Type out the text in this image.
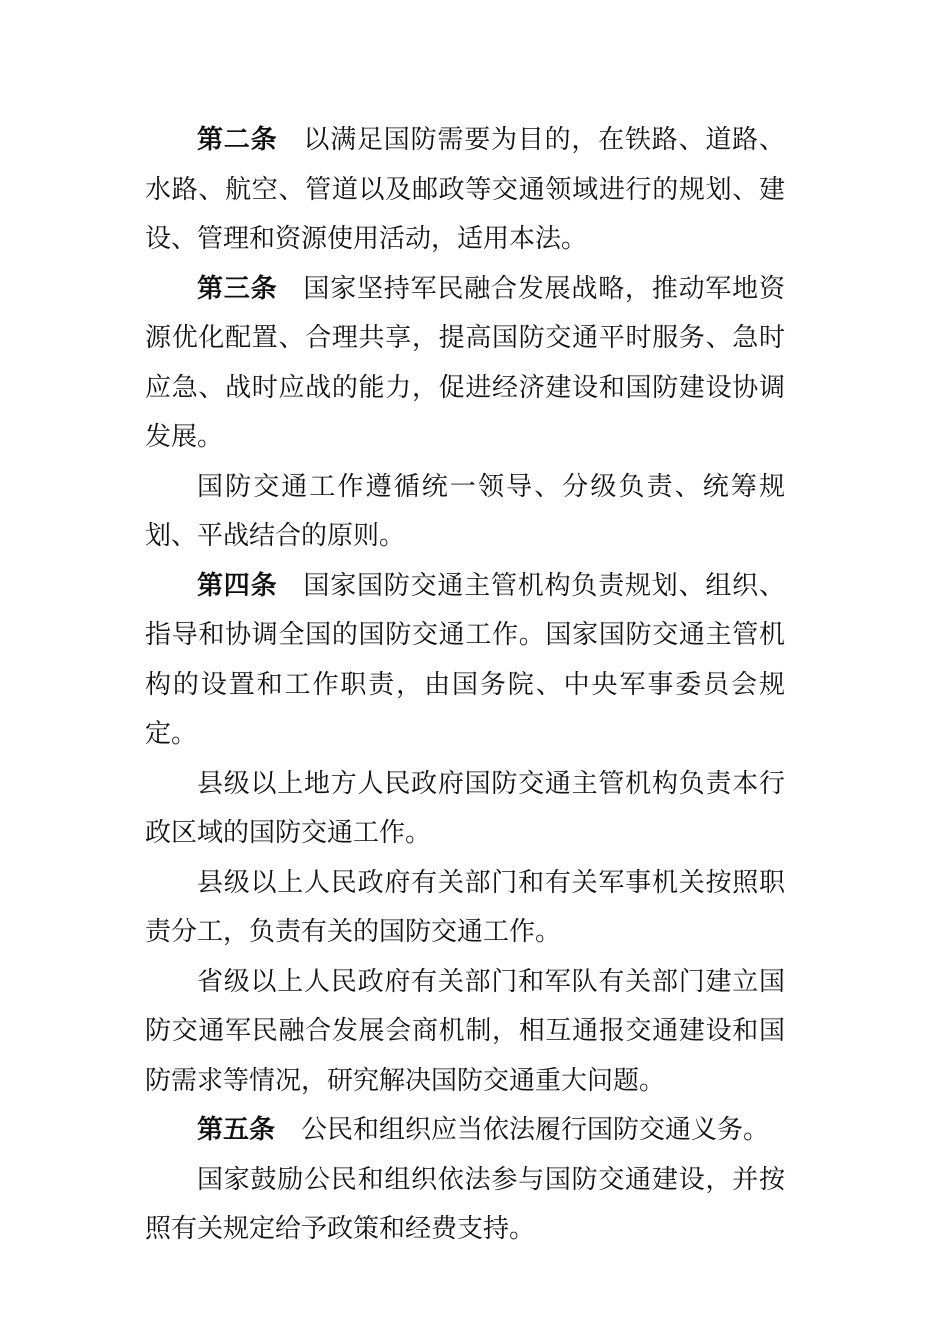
第二条 以满足国防需要为目的，在铁路、道路、水路、航空、管道以及邮政等交通领域进行的规划、建设、管理和资源使用活动，适用本法。

第三条 国家坚持军民融合发展战略，推动军地资源优化配置、合理共享，提高国防交通平时服务、急时应急、战时应战的能力，促进经济建设和国防建设协调发展。

国防交通工作遵循统一领导、分级负责、统筹规划、平战结合的原则。

第四条 国家国防交通主管机构负责规划、组织、指导和协调全国的国防交通工作。国家国防交通主管机构的设置和工作职责，由国务院、中央军事委员会规定。

县级以上地方人民政府国防交通主管机构负责本行政区域的国防交通工作。

县级以上人民政府有关部门和有关军事机关按照职责分工，负责有关的国防交通工作。

省级以上人民政府有关部门和军队有关部门建立国防交通军民融合发展会商机制，相互通报交通建设和国防需求等情况，研究解决国防交通重大问题。

第五条 公民和组织应当依法履行国防交通义务。

国家鼓励公民和组织依法参与国防交通建设，并按照有关规定给予政策和经费支持。
